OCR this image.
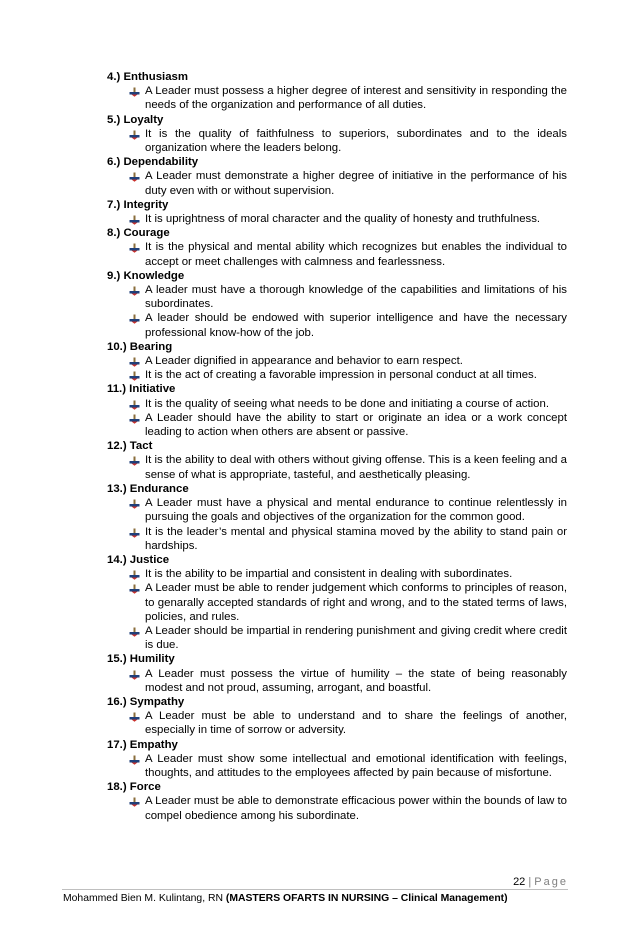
4.) Enthusiasm
A Leader must possess a higher degree of interest and sensitivity in responding the needs of the organization and performance of all duties.
5.) Loyalty
It is the quality of faithfulness to superiors, subordinates and to the ideals organization where the leaders belong.
6.) Dependability
A Leader must demonstrate a higher degree of initiative in the performance of his duty even with or without supervision.
7.) Integrity
It is uprightness of moral character and the quality of honesty and truthfulness.
8.) Courage
It is the physical and mental ability which recognizes but enables the individual to accept or meet challenges with calmness and fearlessness.
9.) Knowledge
A leader must have a thorough knowledge of the capabilities and limitations of his subordinates.
A leader should be endowed with superior intelligence and have the necessary professional know-how of the job.
10.) Bearing
A Leader dignified in appearance and behavior to earn respect.
It is the act of creating a favorable impression in personal conduct at all times.
11.) Initiative
It is the quality of seeing what needs to be done and initiating a course of action.
A Leader should have the ability to start or originate an idea or a work concept leading to action when others are absent or passive.
12.) Tact
It is the ability to deal with others without giving offense. This is a keen feeling and a sense of what is appropriate, tasteful, and aesthetically pleasing.
13.) Endurance
A Leader must have a physical and mental endurance to continue relentlessly in pursuing the goals and objectives of the organization for the common good.
It is the leader’s mental and physical stamina moved by the ability to stand pain or hardships.
14.) Justice
It is the ability to be impartial and consistent in dealing with subordinates.
A Leader must be able to render judgement which conforms to principles of reason, to genarally accepted standards of right and wrong, and to the stated terms of laws, policies, and rules.
A Leader should be impartial in rendering punishment and giving credit where credit is due.
15.) Humility
A Leader must possess the virtue of humility – the state of being reasonably modest and not proud, assuming, arrogant, and boastful.
16.) Sympathy
A Leader must be able to understand and to share the feelings of another, especially in time of sorrow or adversity.
17.) Empathy
A Leader must show some intellectual and emotional identification with feelings, thoughts, and attitudes to the employees affected by pain because of misfortune.
18.) Force
A Leader must be able to demonstrate efficacious power within the bounds of law to compel obedience among his subordinate.
22 | Page
Mohammed Bien M. Kulintang, RN (MASTERS OFARTS IN NURSING – Clinical Management)
